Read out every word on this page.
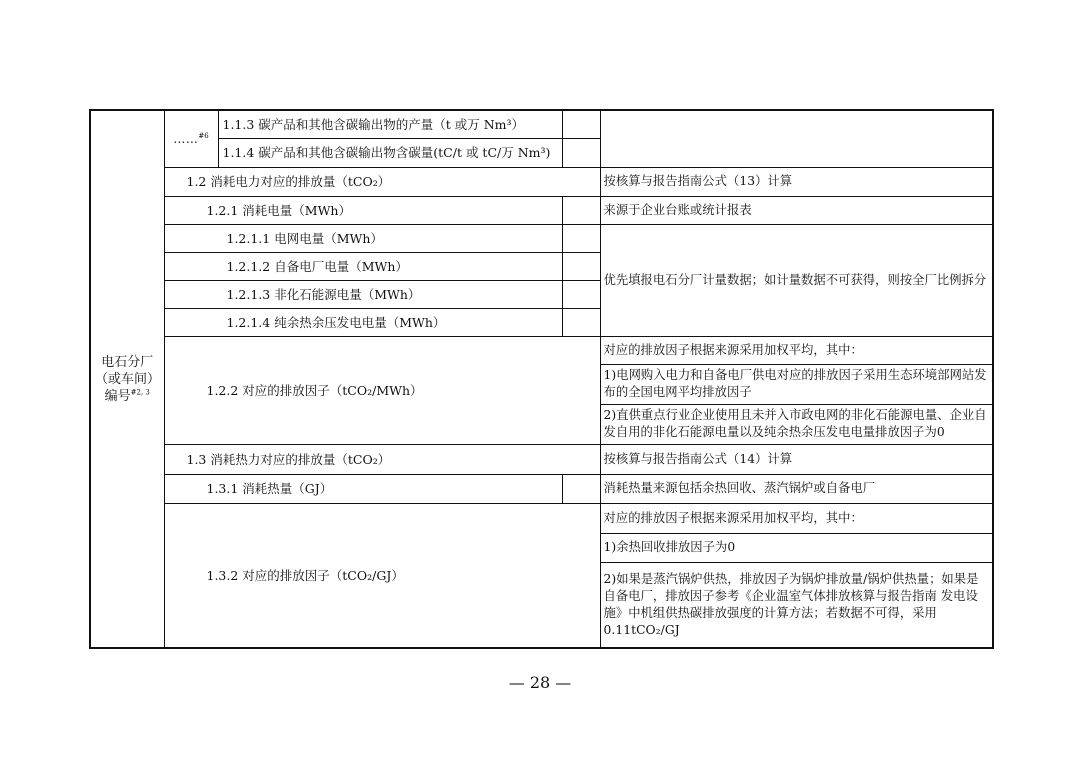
电石分厂
（或车间）
编号$^{\#2, 3}$	……$^{\#6}$	1.1.3 碳产品和其他含碳输出物的产量（t 或万 Nm³）		
		1.1.4 碳产品和其他含碳输出物含碳量(tC/t 或 tC/万 Nm³)		
	1.2 消耗电力对应的排放量（tCO₂）			按核算与报告指南公式（13）计算
	1.2.1 消耗电量（MWh）			来源于企业台账或统计报表
	1.2.1.1 电网电量（MWh）			优先填报电石分厂计量数据；如计量数据不可获得，则按全厂比例拆分
	1.2.1.2 自备电厂电量（MWh）			
	1.2.1.3 非化石能源电量（MWh）			
	1.2.1.4 纯余热余压发电电量（MWh）			
	1.2.2 对应的排放因子（tCO₂/MWh）			对应的排放因子根据来源采用加权平均，其中：
				1)电网购入电力和自备电厂供电对应的排放因子采用生态环境部网站发布的全国电网平均排放因子
				2)直供重点行业企业使用且未并入市政电网的非化石能源电量、企业自发自用的非化石能源电量以及纯余热余压发电电量排放因子为0
	1.3 消耗热力对应的排放量（tCO₂）			按核算与报告指南公式（14）计算
	1.3.1 消耗热量（GJ）			消耗热量来源包括余热回收、蒸汽锅炉或自备电厂
	1.3.2 对应的排放因子（tCO₂/GJ）			对应的排放因子根据来源采用加权平均，其中：
				1)余热回收排放因子为0
				2)如果是蒸汽锅炉供热，排放因子为锅炉排放量/锅炉供热量；如果是自备电厂，排放因子参考《企业温室气体排放核算与报告指南 发电设施》中机组供热碳排放强度的计算方法；若数据不可得，采用 0.11tCO₂/GJ
— 28 —
